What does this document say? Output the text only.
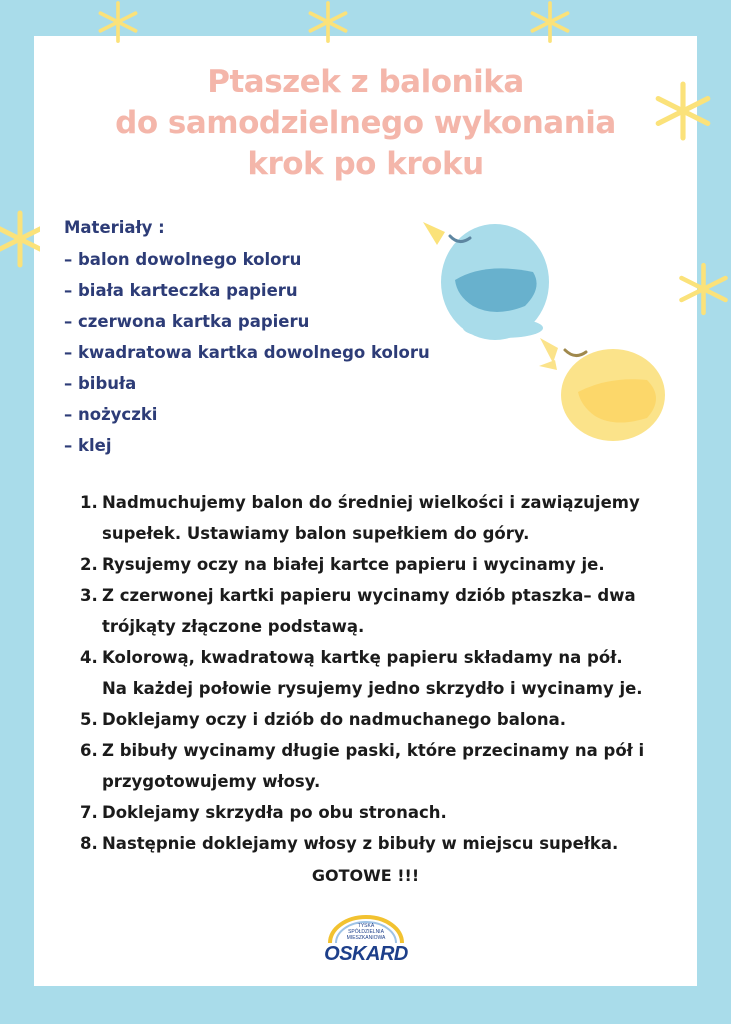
Ptaszek z balonika
do samodzielnego wykonania
krok po kroku
Materiały :
– balon dowolnego koloru
– biała karteczka papieru
– czerwona kartka papieru
– kwadratowa kartka dowolnego koloru
– bibuła
– nożyczki
– klej
1. Nadmuchujemy balon do średniej wielkości i zawiązujemy
supełek. Ustawiamy balon supełkiem do góry.
2. Rysujemy oczy na białej kartce papieru i wycinamy je.
3. Z czerwonej kartki papieru wycinamy dziób ptaszka– dwa
trójkąty złączone podstawą.
4. Kolorową, kwadratową kartkę papieru składamy na pół.
Na każdej połowie rysujemy jedno skrzydło i wycinamy je.
5. Doklejamy oczy i dziób do nadmuchanego balona.
6. Z bibuły wycinamy długie paski, które przecinamy na pół i
przygotowujemy włosy.
7. Doklejamy skrzydła po obu stronach.
8. Następnie doklejamy włosy z bibuły w miejscu supełka.
GOTOWE !!!
TYSKA
SPÓŁDZIELNIA
MIESZKANIOWA
OSKARD
